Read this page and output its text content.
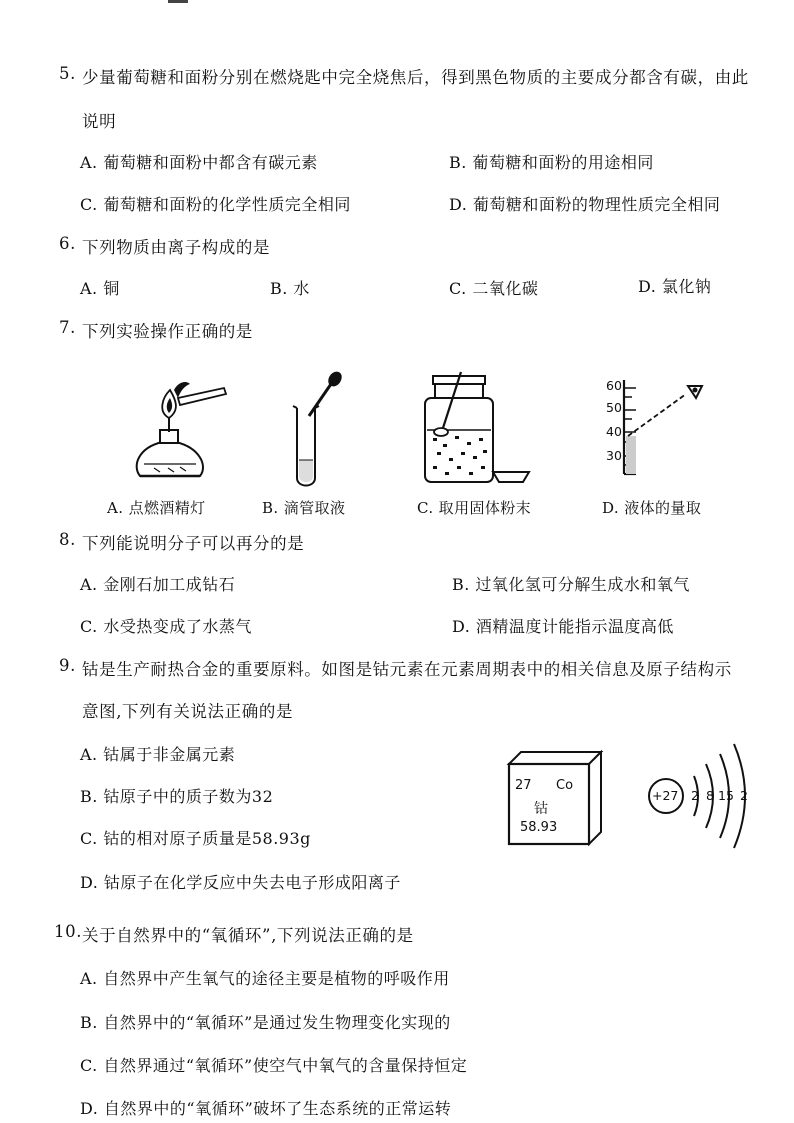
5. 少量葡萄糖和面粉分别在燃烧匙中完全烧焦后，得到黑色物质的主要成分都含有碳，由此
说明
A. 葡萄糖和面粉中都含有碳元素	B. 葡萄糖和面粉的用途相同
C. 葡萄糖和面粉的化学性质完全相同	D. 葡萄糖和面粉的物理性质完全相同
6. 下列物质由离子构成的是
A. 铜	B. 水	C. 二氧化碳	D. 氯化钠
7. 下列实验操作正确的是
60
50
40
30
A. 点燃酒精灯	B. 滴管取液	C. 取用固体粉末	D. 液体的量取
8. 下列能说明分子可以再分的是
A. 金刚石加工成钻石	B. 过氧化氢可分解生成水和氧气
C. 水受热变成了水蒸气	D. 酒精温度计能指示温度高低
9. 钴是生产耐热合金的重要原料。如图是钴元素在元素周期表中的相关信息及原子结构示
意图,下列有关说法正确的是
A. 钴属于非金属元素
B. 钴原子中的质子数为32
C. 钴的相对原子质量是58.93g
D. 钴原子在化学反应中失去电子形成阳离子
27 Co
钴
58.93
+27 2 8 15 2
10. 关于自然界中的“氧循环”,下列说法正确的是
A. 自然界中产生氧气的途径主要是植物的呼吸作用
B. 自然界中的“氧循环”是通过发生物理变化实现的
C. 自然界通过“氧循环”使空气中氧气的含量保持恒定
D. 自然界中的“氧循环”破坏了生态系统的正常运转
